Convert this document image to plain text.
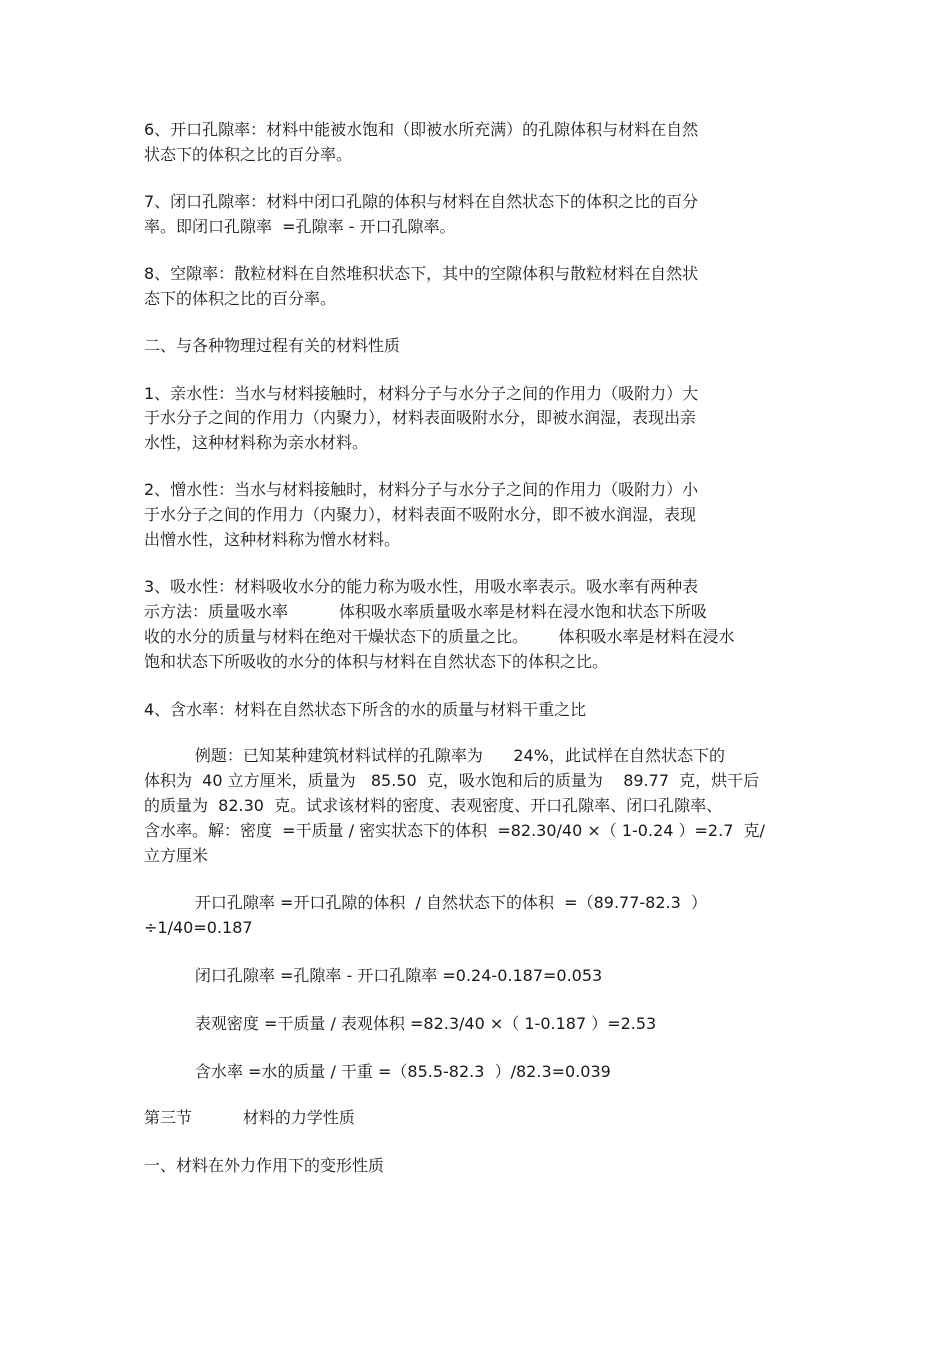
6、开口孔隙率：材料中能被水饱和（即被水所充满）的孔隙体积与材料在自然

状态下的体积之比的百分率。

7、闭口孔隙率：材料中闭口孔隙的体积与材料在自然状态下的体积之比的百分

率。即闭口孔隙率  =孔隙率 - 开口孔隙率。

8、空隙率：散粒材料在自然堆积状态下，其中的空隙体积与散粒材料在自然状

态下的体积之比的百分率。

二、与各种物理过程有关的材料性质

1、亲水性：当水与材料接触时，材料分子与水分子之间的作用力（吸附力）大

于水分子之间的作用力（内聚力），材料表面吸附水分，即被水润湿，表现出亲

水性，这种材料称为亲水材料。

2、憎水性：当水与材料接触时，材料分子与水分子之间的作用力（吸附力）小

于水分子之间的作用力（内聚力），材料表面不吸附水分，即不被水润湿，表现

出憎水性，这种材料称为憎水材料。

3、吸水性：材料吸收水分的能力称为吸水性，用吸水率表示。吸水率有两种表

示方法：质量吸水率          体积吸水率质量吸水率是材料在浸水饱和状态下所吸

收的水分的质量与材料在绝对干燥状态下的质量之比。      体积吸水率是材料在浸水

饱和状态下所吸收的水分的体积与材料在自然状态下的体积之比。

4、含水率：材料在自然状态下所含的水的质量与材料干重之比

例题：已知某种建筑材料试样的孔隙率为      24%，此试样在自然状态下的

体积为  40 立方厘米，质量为   85.50  克，吸水饱和后的质量为    89.77  克，烘干后

的质量为  82.30  克。试求该材料的密度、表观密度、开口孔隙率、闭口孔隙率、

含水率。解：密度  =干质量 / 密实状态下的体积  =82.30/40 ×（ 1-0.24 ）=2.7  克/

立方厘米

开口孔隙率 =开口孔隙的体积  / 自然状态下的体积  =（89.77-82.3  ）

÷1/40=0.187

闭口孔隙率 =孔隙率 - 开口孔隙率 =0.24-0.187=0.053

表观密度 =干质量 / 表观体积 =82.3/40 ×（ 1-0.187 ）=2.53

含水率 =水的质量 / 干重 =（85.5-82.3  ）/82.3=0.039

第三节          材料的力学性质

一、材料在外力作用下的变形性质
